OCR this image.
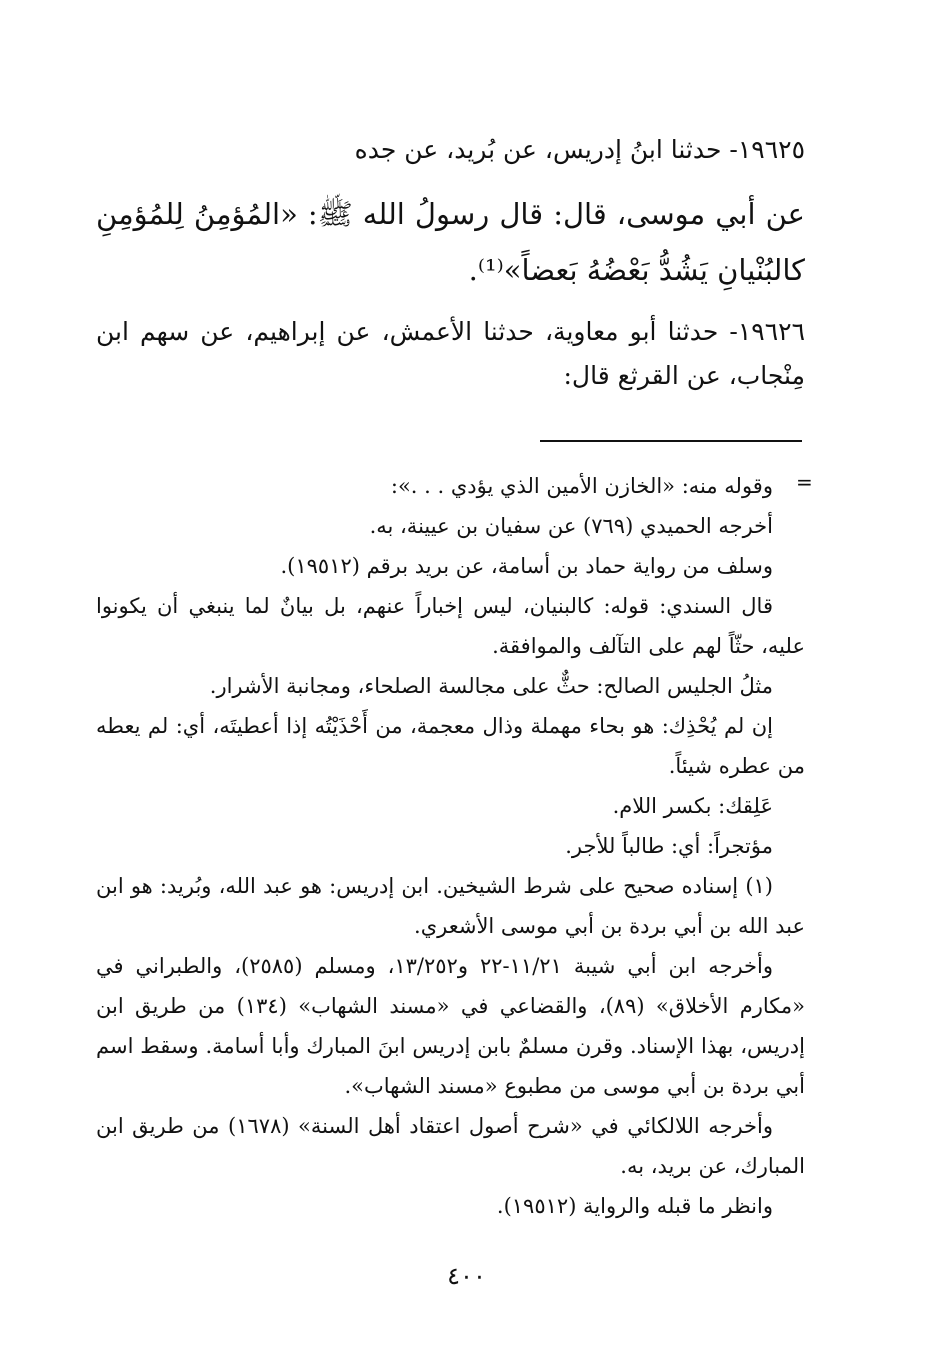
١٩٦٢٥- حدثنا ابنُ إدريس، عن بُريد، عن جده

عن أبي موسى، قال: قال رسولُ الله ﷺ: «المُؤمِنُ لِلمُؤمِنِ كالبُنْيانِ يَشُدُّ بَعْضُهُ بَعضاً»⁽¹⁾.

١٩٦٢٦- حدثنا أبو معاوية، حدثنا الأعمش، عن إبراهيم، عن سهم ابن مِنْجاب، عن القرثع قال:

=

وقوله منه: «الخازن الأمين الذي يؤدي . . .»:

أخرجه الحميدي (٧٦٩) عن سفيان بن عيينة، به.

وسلف من رواية حماد بن أسامة، عن بريد برقم (١٩٥١٢).

قال السندي: قوله: كالبنيان، ليس إخباراً عنهم، بل بيانٌ لما ينبغي أن يكونوا عليه، حثّاً لهم على التآلف والموافقة.

مثلُ الجليس الصالح: حثٌّ على مجالسة الصلحاء، ومجانبة الأشرار.

إن لم يُحْذِك: هو بحاء مهملة وذال معجمة، من أَحْذَيْتُه إذا أعطيتَه، أي: لم يعطه من عطره شيئاً.

عَلِقك: بكسر اللام.

مؤتجراً: أي: طالباً للأجر.

(١) إسناده صحيح على شرط الشيخين. ابن إدريس: هو عبد الله، وبُريد: هو ابن عبد الله بن أبي بردة بن أبي موسى الأشعري.

وأخرجه ابن أبي شيبة ١١/٢١-٢٢ و١٣/٢٥٢، ومسلم (٢٥٨٥)، والطبراني في «مكارم الأخلاق» (٨٩)، والقضاعي في «مسند الشهاب» (١٣٤) من طريق ابن إدريس، بهذا الإسناد. وقرن مسلمٌ بابن إدريس ابنَ المبارك وأبا أسامة. وسقط اسم أبي بردة بن أبي موسى من مطبوع «مسند الشهاب».

وأخرجه اللالكائي في «شرح أصول اعتقاد أهل السنة» (١٦٧٨) من طريق ابن المبارك، عن بريد، به.

وانظر ما قبله والرواية (١٩٥١٢).

٤٠٠
